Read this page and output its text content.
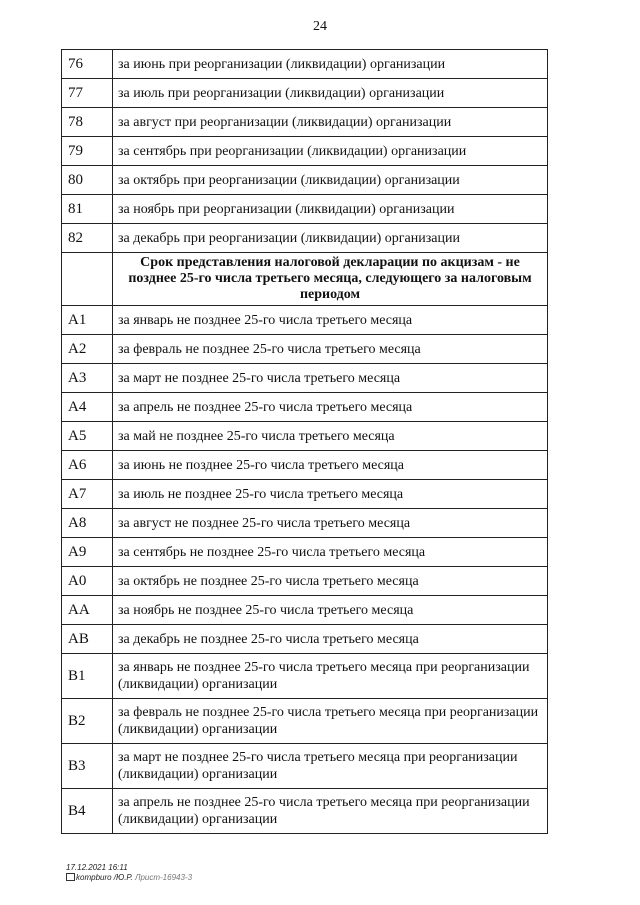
24
76	за июнь при реорганизации (ликвидации) организации
77	за июль при реорганизации (ликвидации) организации
78	за август при реорганизации (ликвидации) организации
79	за сентябрь при реорганизации (ликвидации) организации
80	за октябрь при реорганизации (ликвидации) организации
81	за ноябрь при реорганизации (ликвидации) организации
82	за декабрь при реорганизации (ликвидации) организации
	Срок представления налоговой декларации по акцизам - не позднее 25-го числа третьего месяца, следующего за налоговым периодом
A1	за январь не позднее 25-го числа третьего месяца
A2	за февраль не позднее 25-го числа третьего месяца
A3	за март не позднее 25-го числа третьего месяца
A4	за апрель не позднее 25-го числа третьего месяца
A5	за май не позднее 25-го числа третьего месяца
A6	за июнь не позднее 25-го числа третьего месяца
A7	за июль не позднее 25-го числа третьего месяца
A8	за август не позднее 25-го числа третьего месяца
A9	за сентябрь не позднее 25-го числа третьего месяца
A0	за октябрь не позднее 25-го числа третьего месяца
AA	за ноябрь не позднее 25-го числа третьего месяца
AB	за декабрь не позднее 25-го числа третьего месяца
B1	за январь не позднее 25-го числа третьего месяца при реорганизации (ликвидации) организации
B2	за февраль не позднее 25-го числа третьего месяца при реорганизации (ликвидации) организации
B3	за март не позднее 25-го числа третьего месяца при реорганизации (ликвидации) организации
B4	за апрель не позднее 25-го числа третьего месяца при реорганизации (ликвидации) организации
17.12.2021 16:11
kompburo /Ю.Р. Лрист-16943-3
